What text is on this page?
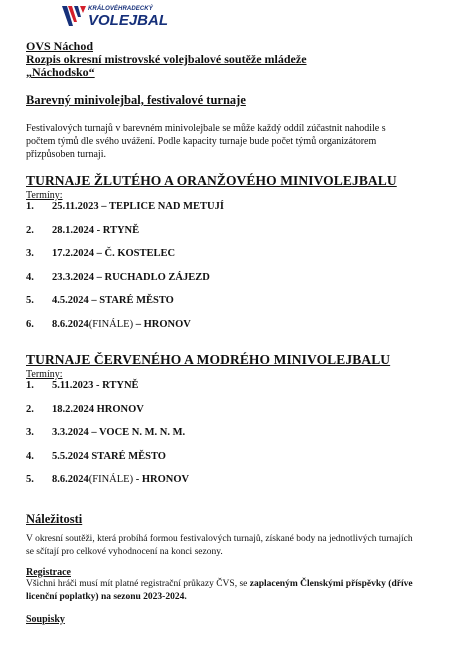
KRÁLOVÉHRADECKÝ
VOLEJBAL
OVS Náchod
Rozpis okresní mistrovské volejbalové soutěže mládeže
„Náchodsko“
Barevný minivolejbal, festivalové turnaje
Festivalových turnajů v barevném minivolejbale se může každý oddíl zúčastnit nahodile s počtem týmů dle svého uvážení. Podle kapacity turnaje bude počet týmů organizátorem přizpůsoben turnaji.
TURNAJE ŽLUTÉHO A ORANŽOVÉHO MINIVOLEJBALU
Termíny:
1.	25.11.2023 – TEPLICE NAD METUJÍ
2.	28.1.2024 - RTYNĚ
3.	17.2.2024 – Č. KOSTELEC
4.	23.3.2024 – RUCHADLO ZÁJEZD
5.	4.5.2024 – STARÉ MĚSTO
6.	8.6.2024(FINÁLE) – HRONOV
TURNAJE ČERVENÉHO A MODRÉHO MINIVOLEJBALU
Termíny:
1.	5.11.2023 - RTYNĚ
2.	18.2.2024 HRONOV
3.	3.3.2024 – VOCE N. M. N. M.
4.	5.5.2024 STARÉ MĚSTO
5.	8.6.2024(FINÁLE) - HRONOV
Náležitosti
V okresní soutěži, která probíhá formou festivalových turnajů, získané body na jednotlivých turnajích se sčítají pro celkové vyhodnocení na konci sezony.
Registrace
Všichni hráči musí mít platné registrační průkazy ČVS, se zaplaceným Členskými příspěvky (dříve licenční poplatky) na sezonu 2023-2024.
Soupisky
